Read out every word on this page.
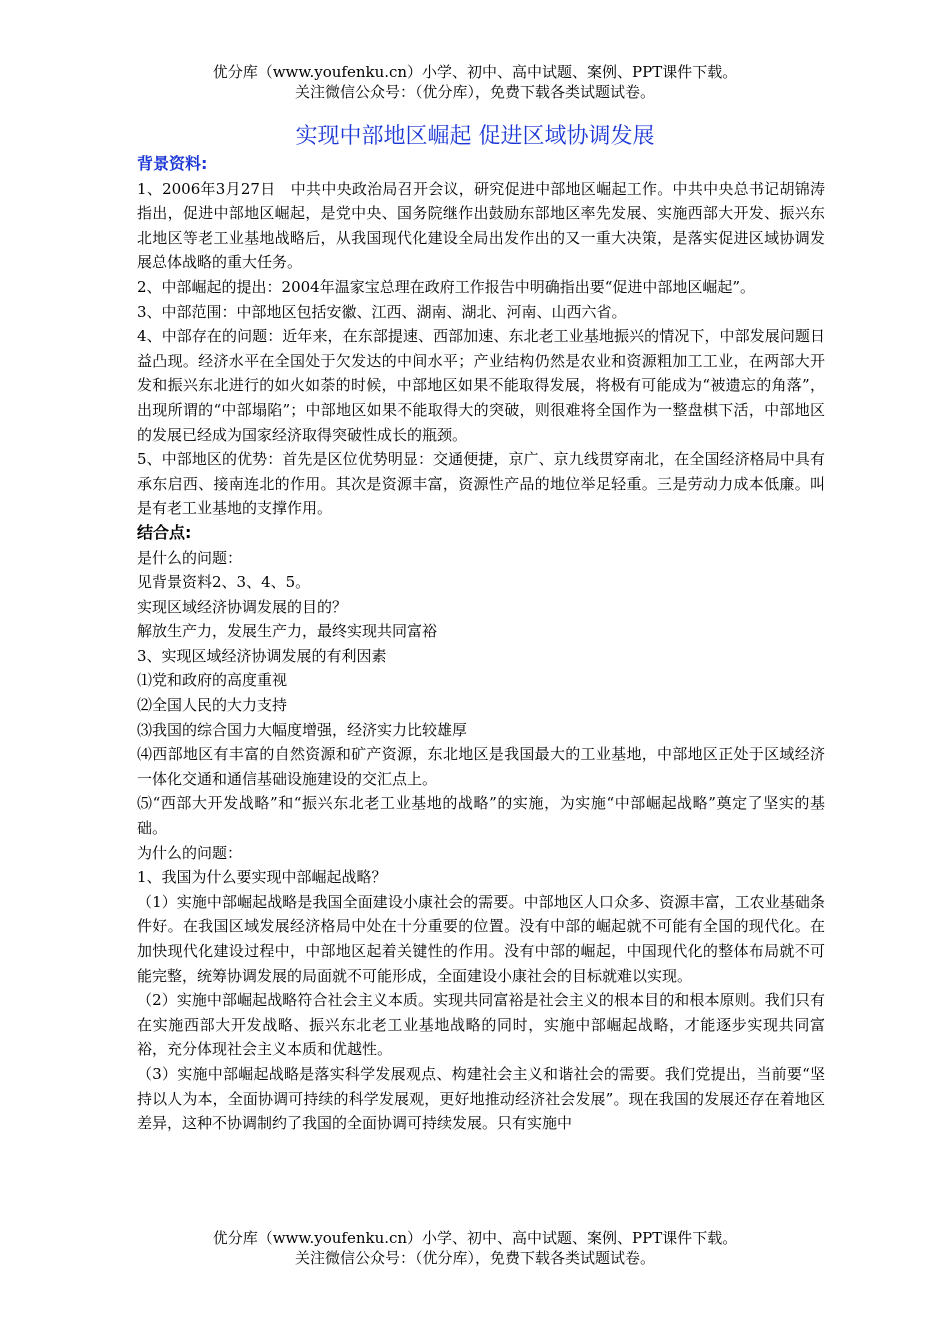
优分库（www.youfenku.cn）小学、初中、高中试题、案例、PPT课件下载。
关注微信公众号：（优分库），免费下载各类试题试卷。
实现中部地区崛起 促进区域协调发展
背景资料:

1、2006年3月27日　中共中央政治局召开会议，研究促进中部地区崛起工作。中共中央总书记胡锦涛指出，促进中部地区崛起，是党中央、国务院继作出鼓励东部地区率先发展、实施西部大开发、振兴东北地区等老工业基地战略后，从我国现代化建设全局出发作出的又一重大决策，是落实促进区域协调发展总体战略的重大任务。

2、中部崛起的提出：2004年温家宝总理在政府工作报告中明确指出要“促进中部地区崛起”。

3、中部范围：中部地区包括安徽、江西、湖南、湖北、河南、山西六省。

4、中部存在的问题：近年来，在东部提速、西部加速、东北老工业基地振兴的情况下，中部发展问题日益凸现。经济水平在全国处于欠发达的中间水平；产业结构仍然是农业和资源粗加工工业，在两部大开发和振兴东北进行的如火如荼的时候，中部地区如果不能取得发展，将极有可能成为“被遗忘的角落”，出现所谓的“中部塌陷”；中部地区如果不能取得大的突破，则很难将全国作为一整盘棋下活，中部地区的发展已经成为国家经济取得突破性成长的瓶颈。

5、中部地区的优势：首先是区位优势明显：交通便捷，京广、京九线贯穿南北，在全国经济格局中具有承东启西、接南连北的作用。其次是资源丰富，资源性产品的地位举足轻重。三是劳动力成本低廉。叫是有老工业基地的支撑作用。

结合点:

是什么的问题：

见背景资料2、3、4、5。

实现区域经济协调发展的目的？

解放生产力，发展生产力，最终实现共同富裕

3、实现区域经济协调发展的有利因素

⑴党和政府的高度重视

⑵全国人民的大力支持

⑶我国的综合国力大幅度增强，经济实力比较雄厚

⑷西部地区有丰富的自然资源和矿产资源，东北地区是我国最大的工业基地，中部地区正处于区域经济一体化交通和通信基础设施建设的交汇点上。

⑸“西部大开发战略”和“振兴东北老工业基地的战略”的实施，为实施“中部崛起战略”奠定了坚实的基础。

为什么的问题：

1、我国为什么要实现中部崛起战略？

（1）实施中部崛起战略是我国全面建设小康社会的需要。中部地区人口众多、资源丰富，工农业基础条件好。在我国区域发展经济格局中处在十分重要的位置。没有中部的崛起就不可能有全国的现代化。在加快现代化建设过程中，中部地区起着关键性的作用。没有中部的崛起，中国现代化的整体布局就不可能完整，统筹协调发展的局面就不可能形成，全面建设小康社会的目标就难以实现。

（2）实施中部崛起战略符合社会主义本质。实现共同富裕是社会主义的根本目的和根本原则。我们只有在实施西部大开发战略、振兴东北老工业基地战略的同时，实施中部崛起战略，才能逐步实现共同富裕，充分体现社会主义本质和优越性。

（3）实施中部崛起战略是落实科学发展观点、构建社会主义和谐社会的需要。我们党提出，当前要“坚持以人为本，全面协调可持续的科学发展观，更好地推动经济社会发展”。现在我国的发展还存在着地区差异，这种不协调制约了我国的全面协调可持续发展。只有实施中

优分库（www.youfenku.cn）小学、初中、高中试题、案例、PPT课件下载。
关注微信公众号：（优分库），免费下载各类试题试卷。
